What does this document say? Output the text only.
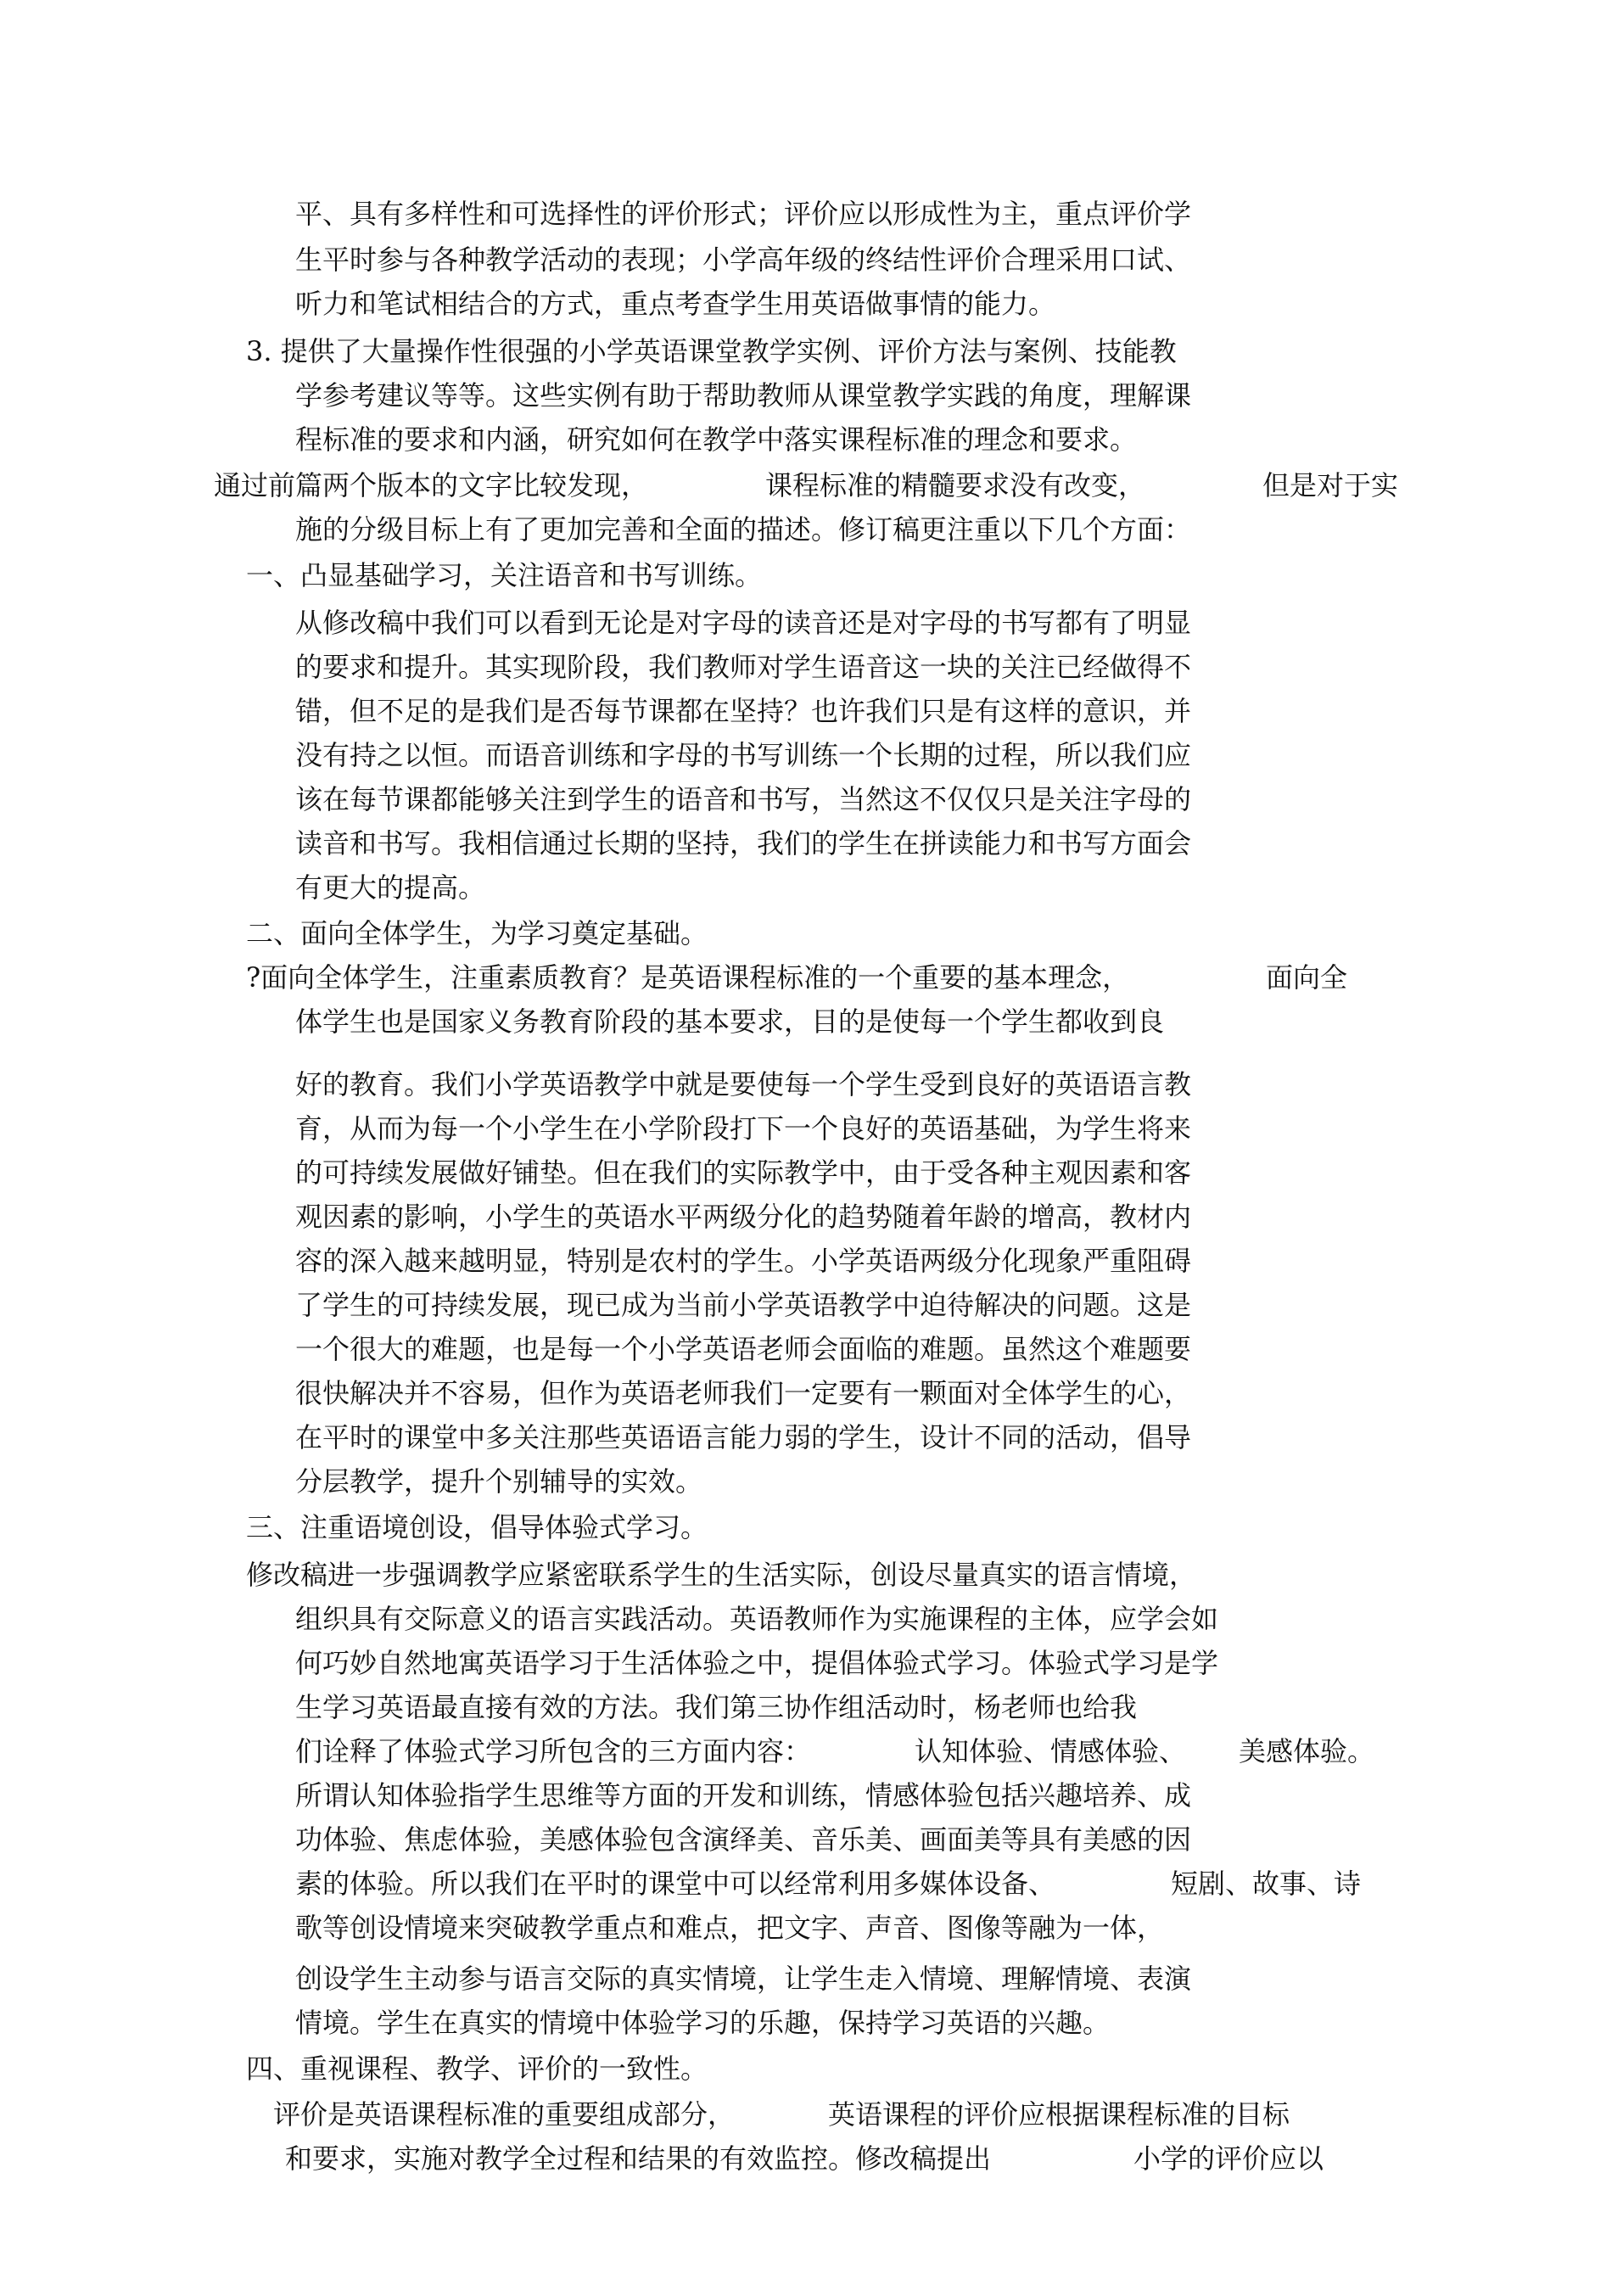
平、具有多样性和可选择性的评价形式；评价应以形成性为主，重点评价学
生平时参与各种教学活动的表现；小学高年级的终结性评价合理采用口试、
听力和笔试相结合的方式，重点考查学生用英语做事情的能力。
3. 提供了大量操作性很强的小学英语课堂教学实例、评价方法与案例、技能教
学参考建议等等。这些实例有助于帮助教师从课堂教学实践的角度，理解课
程标准的要求和内涵，研究如何在教学中落实课程标准的理念和要求。
通过前篇两个版本的文字比较发现，	课程标准的精髓要求没有改变，	但是对于实
施的分级目标上有了更加完善和全面的描述。修订稿更注重以下几个方面：
一、凸显基础学习，关注语音和书写训练。
从修改稿中我们可以看到无论是对字母的读音还是对字母的书写都有了明显
的要求和提升。其实现阶段，我们教师对学生语音这一块的关注已经做得不
错，但不足的是我们是否每节课都在坚持？也许我们只是有这样的意识，并
没有持之以恒。而语音训练和字母的书写训练一个长期的过程，所以我们应
该在每节课都能够关注到学生的语音和书写，当然这不仅仅只是关注字母的
读音和书写。我相信通过长期的坚持，我们的学生在拼读能力和书写方面会
有更大的提高。
二、面向全体学生，为学习奠定基础。
?面向全体学生，注重素质教育？是英语课程标准的一个重要的基本理念，	面向全
体学生也是国家义务教育阶段的基本要求，目的是使每一个学生都收到良
好的教育。我们小学英语教学中就是要使每一个学生受到良好的英语语言教
育，从而为每一个小学生在小学阶段打下一个良好的英语基础，为学生将来
的可持续发展做好铺垫。但在我们的实际教学中，由于受各种主观因素和客
观因素的影响，小学生的英语水平两级分化的趋势随着年龄的增高，教材内
容的深入越来越明显，特别是农村的学生。小学英语两级分化现象严重阻碍
了学生的可持续发展，现已成为当前小学英语教学中迫待解决的问题。这是
一个很大的难题，也是每一个小学英语老师会面临的难题。虽然这个难题要
很快解决并不容易，但作为英语老师我们一定要有一颗面对全体学生的心，
在平时的课堂中多关注那些英语语言能力弱的学生，设计不同的活动，倡导
分层教学，提升个别辅导的实效。
三、注重语境创设，倡导体验式学习。
修改稿进一步强调教学应紧密联系学生的生活实际，创设尽量真实的语言情境，
组织具有交际意义的语言实践活动。英语教师作为实施课程的主体，应学会如
何巧妙自然地寓英语学习于生活体验之中，提倡体验式学习。体验式学习是学
生学习英语最直接有效的方法。我们第三协作组活动时，杨老师也给我
们诠释了体验式学习所包含的三方面内容：	认知体验、情感体验、 美感体验。
所谓认知体验指学生思维等方面的开发和训练，情感体验包括兴趣培养、成
功体验、焦虑体验，美感体验包含演绎美、音乐美、画面美等具有美感的因
素的体验。所以我们在平时的课堂中可以经常利用多媒体设备、	短剧、故事、诗
歌等创设情境来突破教学重点和难点，把文字、声音、图像等融为一体，
创设学生主动参与语言交际的真实情境，让学生走入情境、理解情境、表演
情境。学生在真实的情境中体验学习的乐趣，保持学习英语的兴趣。
四、重视课程、教学、评价的一致性。
评价是英语课程标准的重要组成部分，	英语课程的评价应根据课程标准的目标
和要求，实施对教学全过程和结果的有效监控。修改稿提出	小学的评价应以
